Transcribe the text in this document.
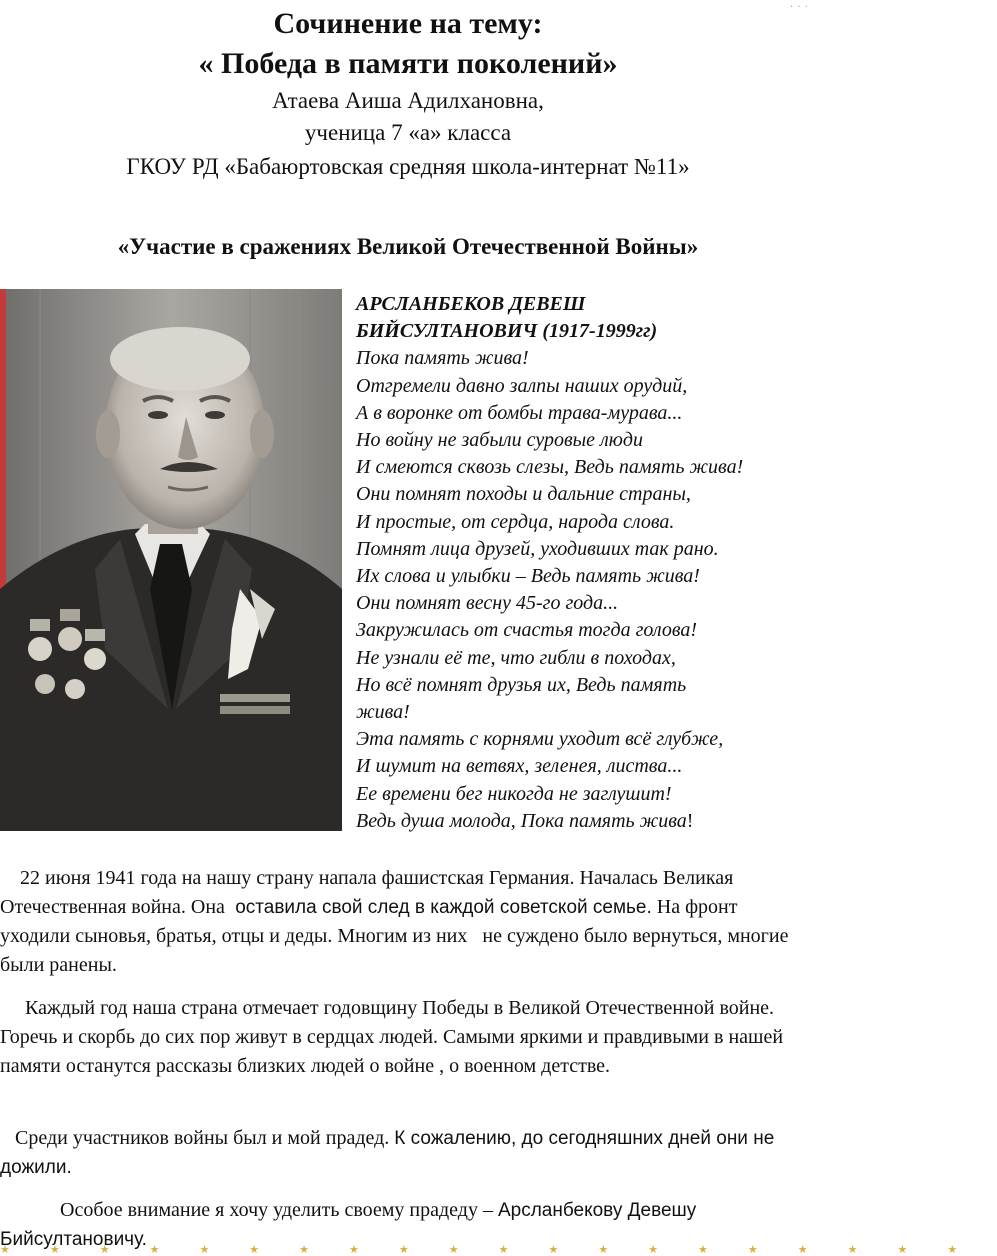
···
Сочинение на тему:
« Победа в памяти поколений»

Атаева Аиша Адилхановна,

ученица 7 «а» класса

ГКОУ РД «Бабаюртовская средняя школа-интернат №11»

«Участие в сражениях Великой Отечественной Войны»
АРСЛАНБЕКОВ ДЕВЕШ
БИЙСУЛТАНОВИЧ (1917-1999гг)
Пока память жива!
Отгремели давно залпы наших орудий,
А в воронке от бомбы трава-мурава...
Но войну не забыли суровые люди
И смеются сквозь слезы, Ведь память жива!
Они помнят походы и дальние страны,
И простые, от сердца, народа слова.
Помнят лица друзей, уходивших так рано.
Их слова и улыбки – Ведь память жива!
Они помнят весну 45-го года...
Закружилась от счастья тогда голова!
Не узнали её те, что гибли в походах,
Но всё помнят друзья их, Ведь память
жива!
Эта память с корнями уходит всё глубже,
И шумит на ветвях, зеленея, листва...
Ее времени бег никогда не заглушит!
Ведь душа молода, Пока память жива!

22 июня 1941 года на нашу страну напала фашистская Германия. Началась Великая Отечественная война. Она  оставила свой след в каждой советской семье. На фронт уходили сыновья, братья, отцы и деды. Многим из них   не суждено было вернуться, многие были ранены.

Каждый год наша страна отмечает годовщину Победы в Великой Отечественной войне. Горечь и скорбь до сих пор живут в сердцах людей. Самыми яркими и правдивыми в нашей памяти останутся рассказы близких людей о войне , о военном детстве.

Среди участников войны был и мой прадед. К сожалению, до сегодняшних дней они не дожили.

Особое внимание я хочу уделить своему прадеду – Арсланбекову Девешу Бийсултановичу.

★★★★★★★★★★★★★★★★★★★★
